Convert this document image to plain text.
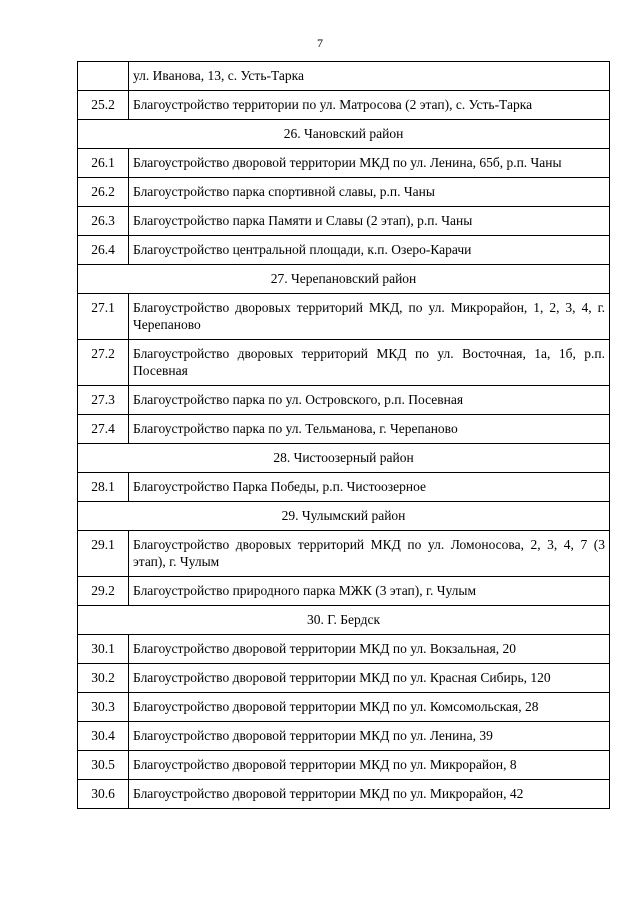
7
	ул. Иванова, 13, с. Усть-Тарка
25.2	Благоустройство территории по ул. Матросова (2 этап), с. Усть-Тарка
26. Чановский район	
26.1	Благоустройство дворовой территории МКД по ул. Ленина, 65б, р.п. Чаны
26.2	Благоустройство парка спортивной славы, р.п. Чаны
26.3	Благоустройство парка Памяти и Славы (2 этап), р.п. Чаны
26.4	Благоустройство центральной площади, к.п. Озеро-Карачи
27. Черепановский район	
27.1	Благоустройство дворовых территорий МКД, по ул. Микрорайон, 1, 2, 3, 4, г. Черепаново
27.2	Благоустройство дворовых территорий МКД по ул. Восточная, 1а, 1б, р.п. Посевная
27.3	Благоустройство парка по ул. Островского, р.п. Посевная
27.4	Благоустройство парка по ул. Тельманова, г. Черепаново
28. Чистоозерный район	
28.1	Благоустройство Парка Победы, р.п. Чистоозерное
29. Чулымский район	
29.1	Благоустройство дворовых территорий МКД по ул. Ломоносова, 2, 3, 4, 7 (3 этап), г. Чулым
29.2	Благоустройство природного парка МЖК (3 этап), г. Чулым
30. Г. Бердск	
30.1	Благоустройство дворовой территории МКД по ул. Вокзальная, 20
30.2	Благоустройство дворовой территории МКД по ул. Красная Сибирь, 120
30.3	Благоустройство дворовой территории МКД по ул. Комсомольская, 28
30.4	Благоустройство дворовой территории МКД по ул. Ленина, 39
30.5	Благоустройство дворовой территории МКД по ул. Микрорайон, 8
30.6	Благоустройство дворовой территории МКД по ул. Микрорайон, 42
